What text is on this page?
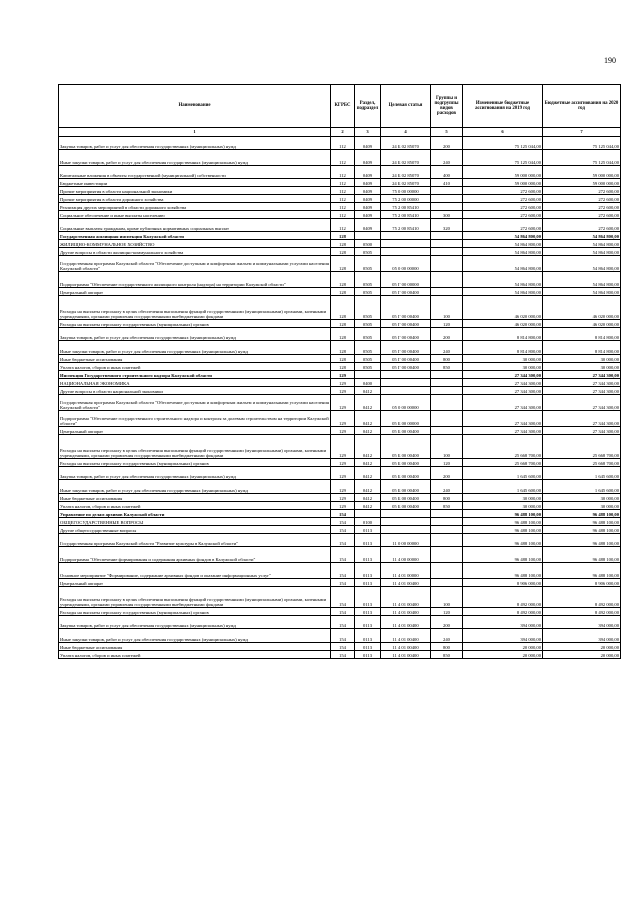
190
Наименование	КГРБС	Раздел, подраздел	Целевая статья	Группы и подгруппы видов расходов	Измененные бюджетные ассигнования на 2019 год	Бюджетные ассигнования на 2020 год
1	2	3	4	5	6	7
Закупка товаров, работ и услуг для обеспечения государственных (муниципальных) нужд	112	0409	24 Б 02 85070	200	75 125 044,00	75 125 044,00
Иные закупки товаров, работ и услуг для обеспечения государственных (муниципальных) нужд	112	0409	24 Б 02 85070	240	75 125 044,00	75 125 044,00
Капитальные вложения в объекты государственной (муниципальной) собственности	112	0409	24 Б 02 85070	400	59 000 000,00	59 000 000,00
Бюджетные инвестиции	112	0409	24 Б 02 85070	410	59 000 000,00	59 000 000,00
Прочие мероприятия в области национальной экономики	112	0409	75 0 00 00000		272 600,00	272 600,00
Прочие мероприятия в области дорожного хозяйства	112	0409	75 2 00 00000		272 600,00	272 600,00
Реализация других мероприятий в области дорожного хозяйства	112	0409	75 2 00 85410		272 600,00	272 600,00
Социальное обеспечение и иные выплаты населению	112	0409	75 2 00 85410	300	272 600,00	272 600,00
Социальные выплаты гражданам, кроме публичных нормативных социальных выплат	112	0409	75 2 00 85410	320	272 600,00	272 600,00
Государственная жилищная инспекция Калужской области	128				54 864 800,00	54 864 800,00
ЖИЛИЩНО-КОММУНАЛЬНОЕ ХОЗЯЙСТВО	128	0500			54 864 800,00	54 864 800,00
Другие вопросы в области жилищно-коммунального хозяйства	128	0505			54 864 800,00	54 864 800,00
Государственная программа Калужской области "Обеспечение доступным и комфортным жильем и коммунальными услугами населения Калужской области"	128	0505	05 0 00 00000		54 864 800,00	54 864 800,00
Подпрограмма "Обеспечение государственного жилищного контроля (надзора) на территории Калужской области"	128	0505	05 Г 00 00000		54 864 800,00	54 864 800,00
Центральный аппарат	128	0505	05 Г 00 00400		54 864 800,00	54 864 800,00
Расходы на выплаты персоналу в целях обеспечения выполнения функций государственными (муниципальными) органами, казенными учреждениями, органами управления государственными внебюджетными фондами	128	0505	05 Г 00 00400	100	46 020 000,00	46 020 000,00
Расходы на выплаты персоналу государственных (муниципальных) органов	128	0505	05 Г 00 00400	120	46 020 000,00	46 020 000,00
Закупка товаров, работ и услуг для обеспечения государственных (муниципальных) нужд	128	0505	05 Г 00 00400	200	8 814 800,00	8 814 800,00
Иные закупки товаров, работ и услуг для обеспечения государственных (муниципальных) нужд	128	0505	05 Г 00 00400	240	8 814 800,00	8 814 800,00
Иные бюджетные ассигнования	128	0505	05 Г 00 00400	800	30 000,00	30 000,00
Уплата налогов, сборов и иных платежей	128	0505	05 Г 00 00400	850	30 000,00	30 000,00
Инспекция Государственного строительного надзора Калужской области	129				27 344 300,00	27 344 300,00
НАЦИОНАЛЬНАЯ ЭКОНОМИКА	129	0400			27 344 300,00	27 344 300,00
Другие вопросы в области национальной экономики	129	0412			27 344 300,00	27 344 300,00
Государственная программа Калужской области "Обеспечение доступным и комфортным жильем и коммунальными услугами населения Калужской области"	129	0412	05 0 00 00000		27 344 300,00	27 344 300,00
Подпрограмма "Обеспечение государственного строительного надзора и контроля за долевым строительством на территории Калужской области"	129	0412	05 Б 00 00000		27 344 300,00	27 344 300,00
Центральный аппарат	129	0412	05 Б 00 00400		27 344 300,00	27 344 300,00
Расходы на выплаты персоналу в целях обеспечения выполнения функций государственными (муниципальными) органами, казенными учреждениями, органами управления государственными внебюджетными фондами	129	0412	05 Б 00 00400	100	25 668 700,00	25 668 700,00
Расходы на выплаты персоналу государственных (муниципальных) органов	129	0412	05 Б 00 00400	120	25 668 700,00	25 668 700,00
Закупка товаров, работ и услуг для обеспечения государственных (муниципальных) нужд	129	0412	05 Б 00 00400	200	1 645 600,00	1 645 600,00
Иные закупки товаров, работ и услуг для обеспечения государственных (муниципальных) нужд	129	0412	05 Б 00 00400	240	1 645 600,00	1 645 600,00
Иные бюджетные ассигнования	129	0412	05 Б 00 00400	800	30 000,00	30 000,00
Уплата налогов, сборов и иных платежей	129	0412	05 Б 00 00400	850	30 000,00	30 000,00
Управление по делам архивов Калужской области	154				96 488 100,00	96 488 100,00
ОБЩЕГОСУДАРСТВЕННЫЕ ВОПРОСЫ	154	0100			96 488 100,00	96 488 100,00
Другие общегосударственные вопросы	154	0113			96 488 100,00	96 488 100,00
Государственная программа Калужской области "Развитие культуры в Калужской области"	154	0113	11 0 00 00000		96 488 100,00	96 488 100,00
Подпрограмма "Обеспечение формирования и содержания архивных фондов в Калужской области"	154	0113	11 4 00 00000		96 488 100,00	96 488 100,00
Основное мероприятие "Формирование, содержание архивных фондов и оказание информационных услуг"	154	0113	11 4 01 00000		96 488 100,00	96 488 100,00
Центральный аппарат	154	0113	11 4 01 00400		8 906 000,00	8 906 000,00
Расходы на выплаты персоналу в целях обеспечения выполнения функций государственными (муниципальными) органами, казенными учреждениями, органами управления государственными внебюджетными фондами	154	0113	11 4 01 00400	100	8 492 000,00	8 492 000,00
Расходы на выплаты персоналу государственных (муниципальных) органов	154	0113	11 4 01 00400	120	8 492 000,00	8 492 000,00
Закупка товаров, работ и услуг для обеспечения государственных (муниципальных) нужд	154	0113	11 4 01 00400	200	394 000,00	394 000,00
Иные закупки товаров, работ и услуг для обеспечения государственных (муниципальных) нужд	154	0113	11 4 01 00400	240	394 000,00	394 000,00
Иные бюджетные ассигнования	154	0113	11 4 01 00400	800	20 000,00	20 000,00
Уплата налогов, сборов и иных платежей	154	0113	11 4 01 00400	850	20 000,00	20 000,00
